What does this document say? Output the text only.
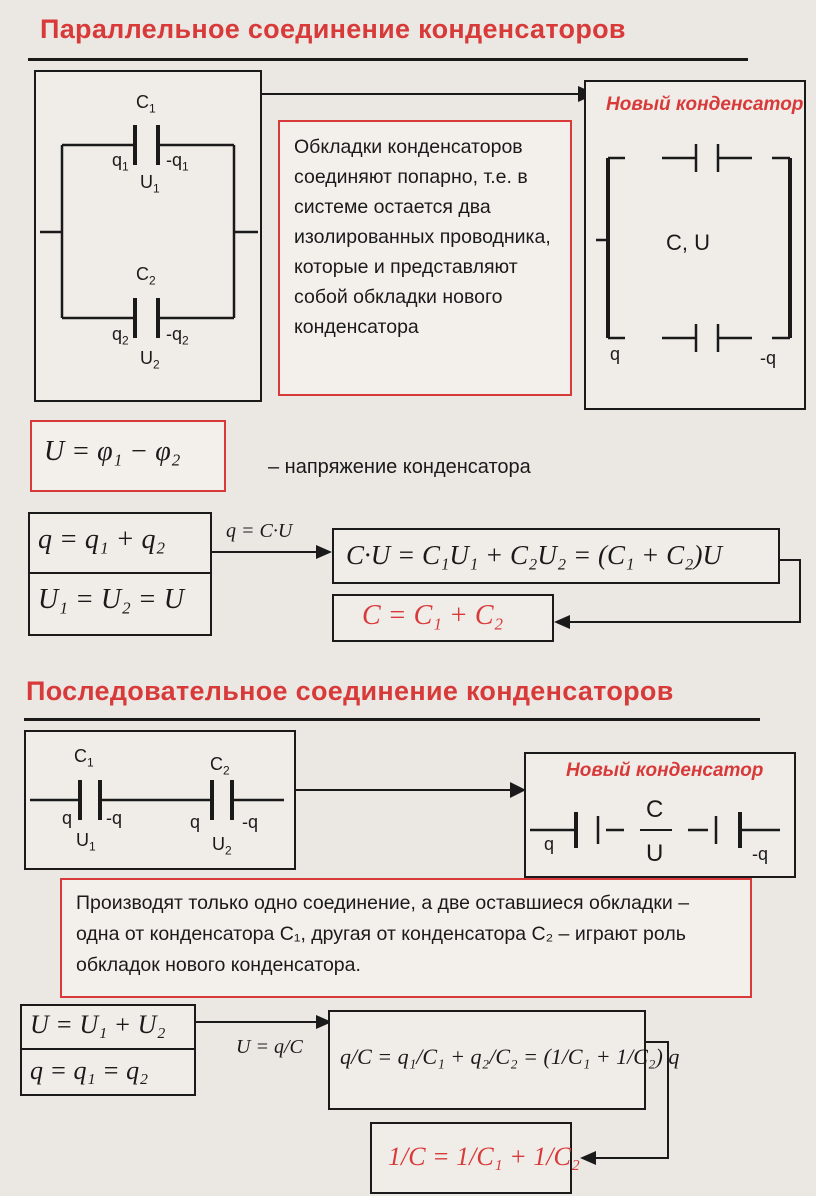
Параллельное соединение конденсаторов
$C_1$
$q_1$ $-q_1$
$U_1$
$C_2$
$q_2$ $-q_2$
$U_2$
Обкладки конденсаторов соединяют попарно, т.е. в системе остается два изолированных проводника, которые и представляют собой обкладки нового конденсатора
Новый конденсатор
C, U
q	-q
U = φ₁ − φ₂	– напряжение конденсатора
q = q₁ + q₂
U₁ = U₂ = U
q = C·U
C·U = C₁U₁ + C₂U₂ = (C₁ + C₂)U
C = C₁ + C₂
Последовательное соединение конденсаторов
$C_1$	$C_2$
q -q	q -q
$U_1$	$U_2$
Новый конденсатор
q	-q
C
U
Производят только одно соединение, а две оставшиеся обкладки – одна от конденсатора C₁, другая от конденсатора C₂ – играют роль обкладок нового конденсатора.
U = U₁ + U₂
q = q₁ = q₂
U = q/C q/C = q₁/C₁ + q₂/C₂ = (1/C₁ + 1/C₂) q
1/C = 1/C₁ + 1/C₂
